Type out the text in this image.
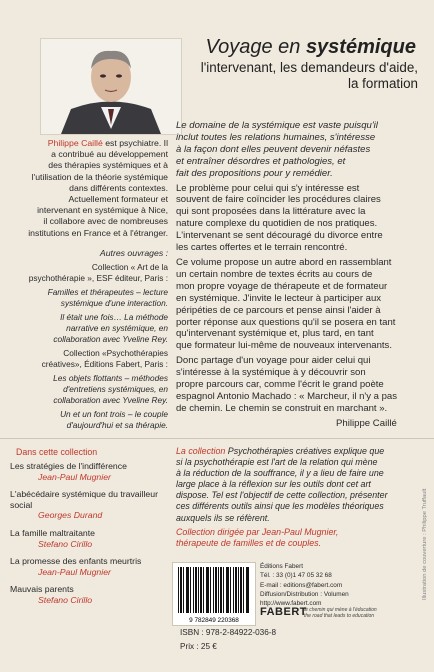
Voyage en systémique
l'intervenant, les demandeurs d'aide,
la formation
Philippe Caillé est psychiatre. Il
a contribué au développement
des thérapies systémiques et à
l'utilisation de la théorie systémique
dans différents contextes.
Actuellement formateur et
intervenant en systémique à Nice,
il collabore avec de nombreuses
institutions en France et à l'étranger.
Autres ouvrages :

Collection « Art de la
psychothérapie », ESF éditeur, Paris :

Familles et thérapeutes – lecture
systémique d'une interaction.

Il était une fois… La méthode
narrative en systémique, en
collaboration avec Yveline Rey.

Collection «Psychothérapies
créatives», Éditions Fabert, Paris :

Les objets flottants – méthodes
d'entretiens systémiques, en
collaboration avec Yveline Rey.

Un et un font trois – le couple
d'aujourd'hui et sa thérapie.

Le domaine de la systémique est vaste puisqu'il
inclut toutes les relations humaines, s'intéresse
à la façon dont elles peuvent devenir néfastes
et entraîner désordres et pathologies, et
fait des propositions pour y remédier.

Le problème pour celui qui s'y intéresse est
souvent de faire coïncider les procédures claires
qui sont proposées dans la littérature avec la
nature complexe du quotidien de nos pratiques.
L'intervenant se sent découragé du divorce entre
les cartes offertes et le terrain rencontré.

Ce volume propose un autre abord en rassemblant
un certain nombre de textes écrits au cours de
mon propre voyage de thérapeute et de formateur
en systémique. J'invite le lecteur à participer aux
péripéties de ce parcours et pense ainsi l'aider à
porter réponse aux questions qu'il se posera en tant
qu'intervenant systémique et, plus tard, en tant
que formateur lui-même de nouveaux intervenants.

Donc partage d'un voyage pour aider celui qui
s'intéresse à la systémique à y découvrir son
propre parcours car, comme l'écrit le grand poète
espagnol Antonio Machado : « Marcheur, il n'y a pas
de chemin. Le chemin se construit en marchant ».

Philippe Caillé
Dans cette collection
Les stratégies de l'indifférence
Jean-Paul Mugnier
L'abécédaire systémique du travailleur social
Georges Durand
La famille maltraitante
Stefano Cirillo
La promesse des enfants meurtris
Jean-Paul Mugnier
Mauvais parents
Stefano Cirillo
La collection Psychothérapies créatives explique que
si la psychothérapie est l'art de la relation qui mène
à la réduction de la souffrance, il y a lieu de faire une
large place à la réflexion sur les outils dont cet art
dispose. Tel est l'objectif de cette collection, présenter
ces différents outils ainsi que les modèles théoriques
auxquels ils se réfèrent.
Collection dirigée par Jean-Paul Mugnier,
thérapeute de familles et de couples.
9 782849 220368
ISBN : 978-2-84922-036-8
Prix : 25 €
Éditions Fabert
Tél. : 33 (0)1 47 05 32 68
E-mail : editions@fabert.com
Diffusion/Distribution : Volumen
http://www.fabert.com
FABERT
le chemin qui mène à l'éducation
the road that leads to education
Illustration de couverture : Philippe Truffault
